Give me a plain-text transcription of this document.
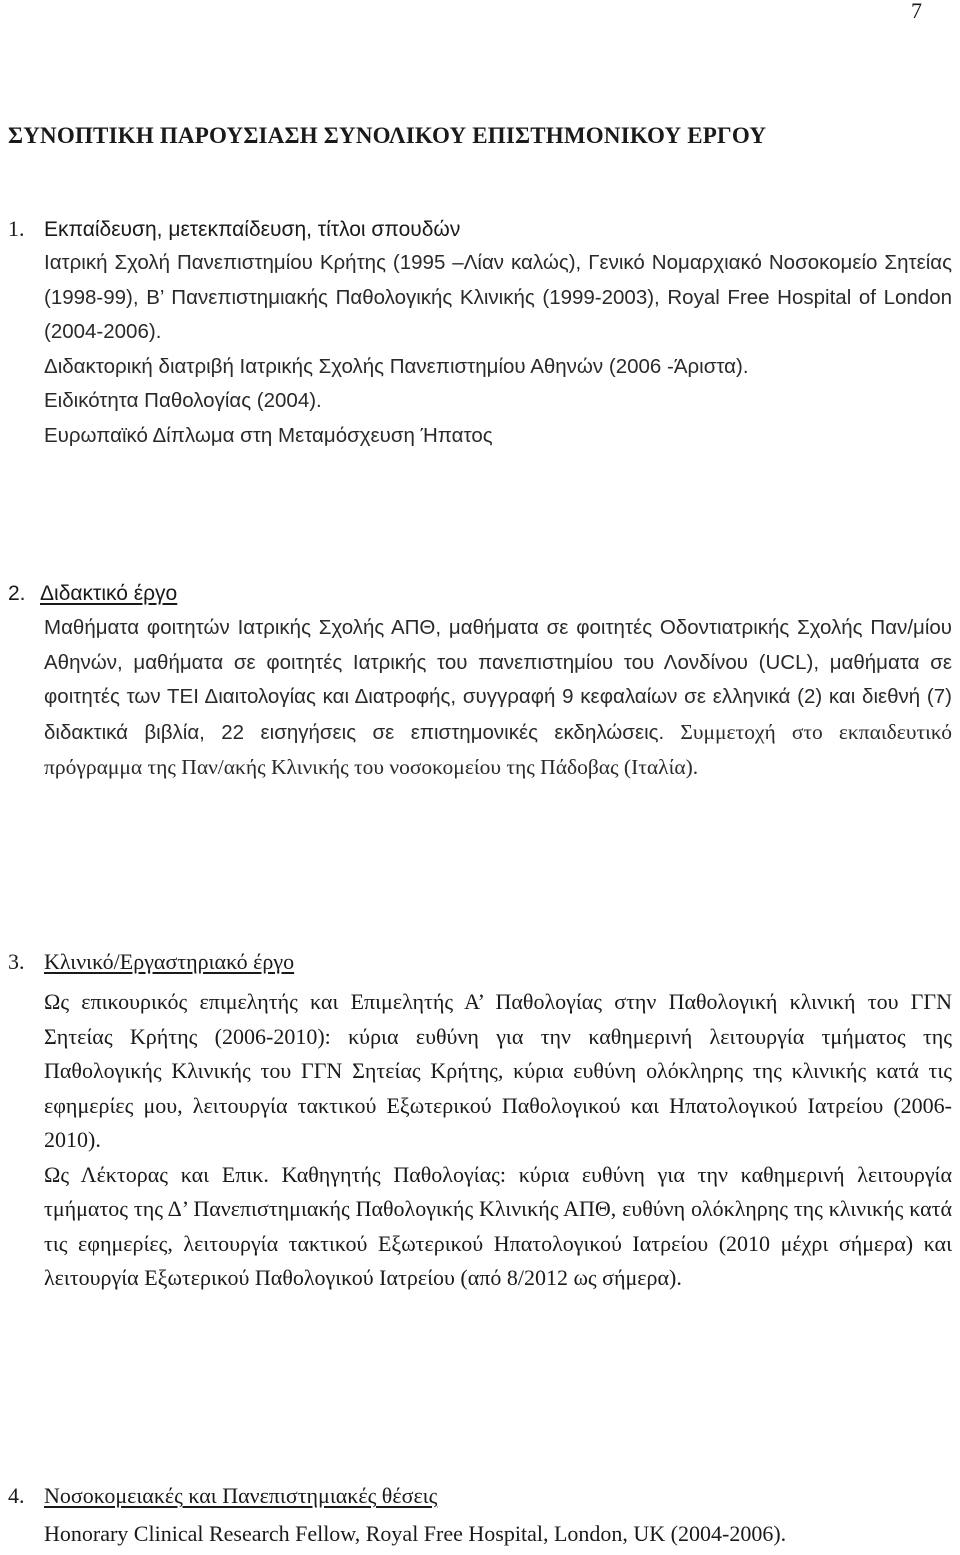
7
ΣΥΝΟΠΤΙΚΗ ΠΑΡΟΥΣΙΑΣΗ ΣΥΝΟΛΙΚΟΥ ΕΠΙΣΤΗΜΟΝΙΚΟΥ ΕΡΓΟΥ
1. Εκπαίδευση, μετεκπαίδευση, τίτλοι σπουδών

Ιατρική Σχολή Πανεπιστημίου Κρήτης (1995 –Λίαν καλώς), Γενικό Νομαρχιακό Νοσοκομείο Σητείας (1998-99), Β’ Πανεπιστημιακής Παθολογικής Κλινικής (1999-2003), Royal Free Hospital of London (2004-2006).

Διδακτορική διατριβή Ιατρικής Σχολής Πανεπιστημίου Αθηνών (2006 -Άριστα).

Ειδικότητα Παθολογίας (2004).

Ευρωπαϊκό Δίπλωμα στη Μεταμόσχευση Ήπατος

2. Διδακτικό έργο

Μαθήματα φοιτητών Ιατρικής Σχολής ΑΠΘ, μαθήματα σε φοιτητές Οδοντιατρικής Σχολής Παν/μίου Αθηνών, μαθήματα σε φοιτητές Ιατρικής του πανεπιστημίου του Λονδίνου (UCL), μαθήματα σε φοιτητές των ΤΕΙ Διαιτολογίας και Διατροφής, συγγραφή 9 κεφαλαίων σε ελληνικά (2) και διεθνή (7) διδακτικά βιβλία, 22 εισηγήσεις σε επιστημονικές εκδηλώσεις. Συμμετοχή στο εκπαιδευτικό πρόγραμμα της Παν/ακής Κλινικής του νοσοκομείου της Πάδοβας (Ιταλία).

3. Κλινικό/Εργαστηριακό έργο

Ως επικουρικός επιμελητής και Επιμελητής Α’ Παθολογίας στην Παθολογική κλινική του ΓΓΝ Σητείας Κρήτης (2006-2010): κύρια ευθύνη για την καθημερινή λειτουργία τμήματος της Παθολογικής Κλινικής του ΓΓΝ Σητείας Κρήτης, κύρια ευθύνη ολόκληρης της κλινικής κατά τις εφημερίες μου, λειτουργία τακτικού Εξωτερικού Παθολογικού και Ηπατολογικού Ιατρείου (2006-2010).

Ως Λέκτορας και Επικ. Καθηγητής Παθολογίας: κύρια ευθύνη για την καθημερινή λειτουργία τμήματος της Δ’ Πανεπιστημιακής Παθολογικής Κλινικής ΑΠΘ, ευθύνη ολόκληρης της κλινικής κατά τις εφημερίες, λειτουργία τακτικού Εξωτερικού Ηπατολογικού Ιατρείου (2010 μέχρι σήμερα) και λειτουργία Εξωτερικού Παθολογικού Ιατρείου (από 8/2012 ως σήμερα).

4. Νοσοκομειακές και Πανεπιστημιακές θέσεις

Honorary Clinical Research Fellow, Royal Free Hospital, London, UK (2004-2006).
